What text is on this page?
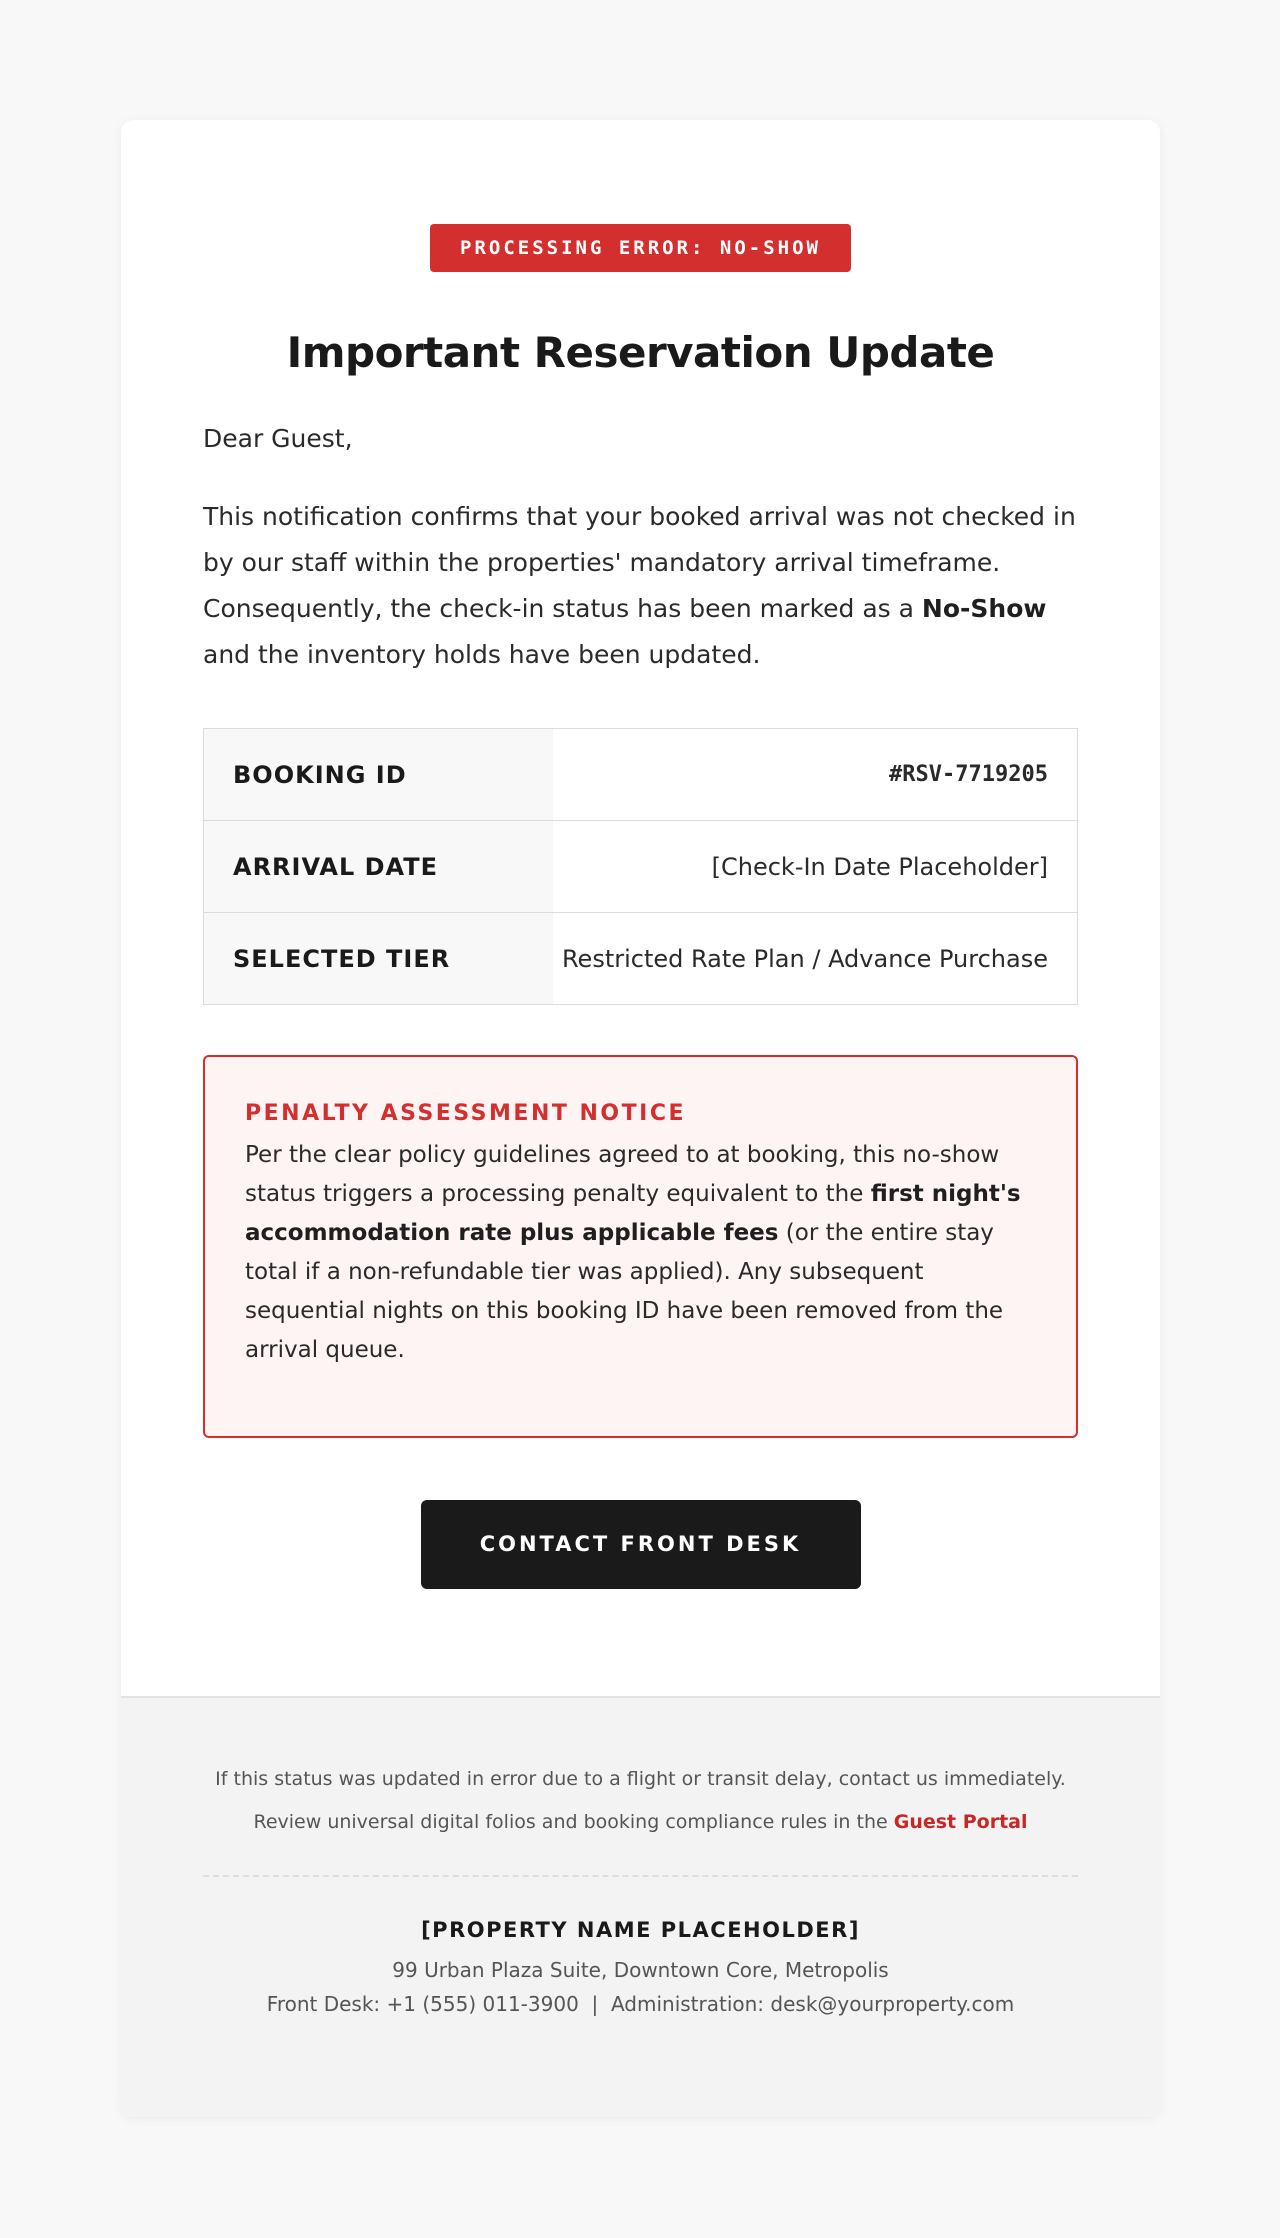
PROCESSING ERROR: NO-SHOW
Important Reservation Update

Dear Guest,

This notification confirms that your booked arrival was not checked in by our staff within the properties' mandatory arrival timeframe. Consequently, the check-in status has been marked as a No-Show and the inventory holds have been updated.

BOOKING ID	#RSV-7719205
ARRIVAL DATE	[Check-In Date Placeholder]
SELECTED TIER	Restricted Rate Plan / Advance Purchase
PENALTY ASSESSMENT NOTICE

Per the clear policy guidelines agreed to at booking, this no-show status triggers a processing penalty equivalent to the first night's accommodation rate plus applicable fees (or the entire stay total if a non-refundable tier was applied). Any subsequent sequential nights on this booking ID have been removed from the arrival queue.

CONTACT FRONT DESK

If this status was updated in error due to a flight or transit delay, contact us immediately.

Review universal digital folios and booking compliance rules in the Guest Portal

[PROPERTY NAME PLACEHOLDER]

99 Urban Plaza Suite, Downtown Core, Metropolis

Front Desk: +1 (555) 011-3900  |  Administration: desk@yourproperty.com
